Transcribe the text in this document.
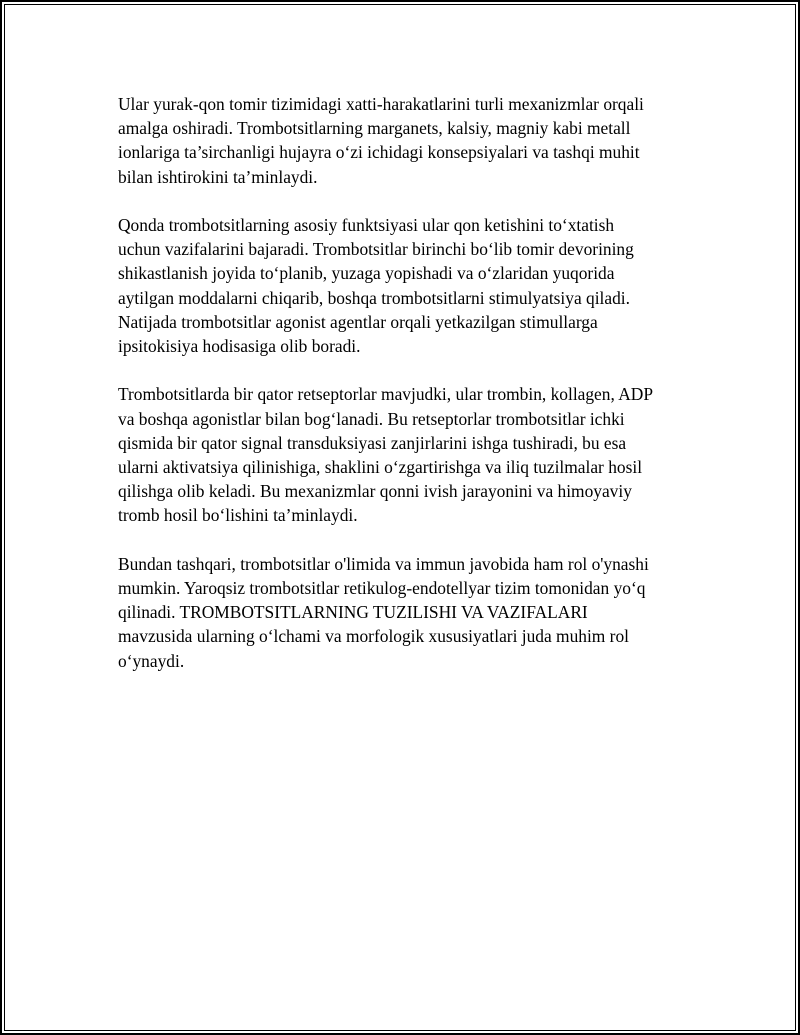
Ular yurak-qon tomir tizimidagi xatti-harakatlarini turli mexanizmlar orqali
amalga oshiradi. Trombotsitlarning marganets, kalsiy, magniy kabi metall
ionlariga ta’sirchanligi hujayra o‘zi ichidagi konsepsiyalari va tashqi muhit
bilan ishtirokini ta’minlaydi.

Qonda trombotsitlarning asosiy funktsiyasi ular qon ketishini to‘xtatish
uchun vazifalarini bajaradi. Trombotsitlar birinchi bo‘lib tomir devorining
shikastlanish joyida to‘planib, yuzaga yopishadi va o‘zlaridan yuqorida
aytilgan moddalarni chiqarib, boshqa trombotsitlarni stimulyatsiya qiladi.
Natijada trombotsitlar agonist agentlar orqali yetkazilgan stimullarga
ipsitokisiya hodisasiga olib boradi.

Trombotsitlarda bir qator retseptorlar mavjudki, ular trombin, kollagen, ADP
va boshqa agonistlar bilan bog‘lanadi. Bu retseptorlar trombotsitlar ichki
qismida bir qator signal transduksiyasi zanjirlarini ishga tushiradi, bu esa
ularni aktivatsiya qilinishiga, shaklini o‘zgartirishga va iliq tuzilmalar hosil
qilishga olib keladi. Bu mexanizmlar qonni ivish jarayonini va himoyaviy
tromb hosil bo‘lishini ta’minlaydi.

Bundan tashqari, trombotsitlar o'limida va immun javobida ham rol o'ynashi
mumkin. Yaroqsiz trombotsitlar retikulog-endotellyar tizim tomonidan yo‘q
qilinadi. TROMBOTSITLARNING TUZILISHI VA VAZIFALARI
mavzusida ularning o‘lchami va morfologik xususiyatlari juda muhim rol
o‘ynaydi.
